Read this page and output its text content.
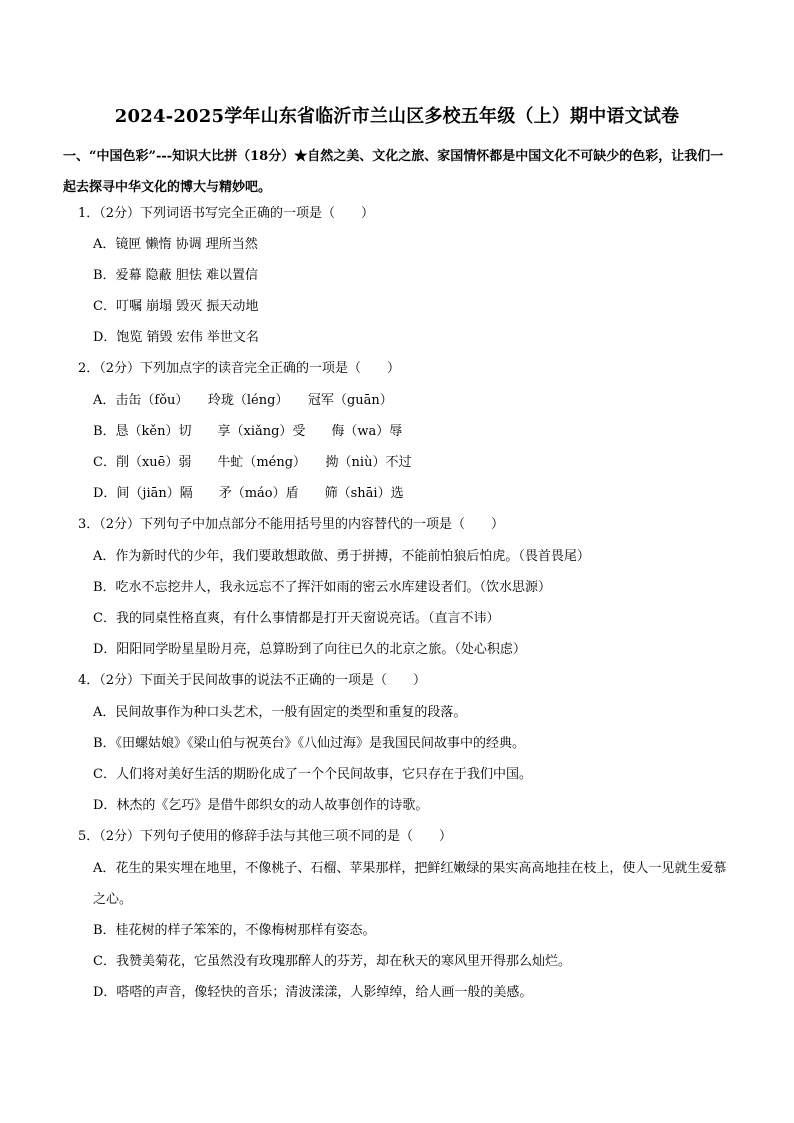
2024-2025学年山东省临沂市兰山区多校五年级（上）期中语文试卷
一、“中国色彩”---知识大比拼（18分）★自然之美、文化之旅、家国情怀都是中国文化不可缺少的色彩，让我们一起去探寻中华文化的博大与精妙吧。
1．（2分）下列词语书写完全正确的一项是（　　）
A．镜匣 懒惰 协调 理所当然
B．爱幕 隐蔽 胆怯 难以置信
C．叮嘱 崩塌 毁灭 振天动地
D．饱览 销毁 宏伟 举世文名
2．（2分）下列加点字的读音完全正确的一项是（　　）
A．击缶（fǒu）　　玲珑（léng）　　冠军（guān）
B．恳（kěn）切　　享（xiǎng）受　　侮（wa）辱
C．削（xuē）弱　　牛虻（méng）　　拗（niù）不过
D．间（jiān）隔　　矛（máo）盾　　筛（shāi）选
3．（2分）下列句子中加点部分不能用括号里的内容替代的一项是（　　）
A．作为新时代的少年，我们要敢想敢做、勇于拼搏，不能前怕狼后怕虎。（畏首畏尾）
B．吃水不忘挖井人，我永远忘不了挥汗如雨的密云水库建设者们。（饮水思源）
C．我的同桌性格直爽，有什么事情都是打开天窗说亮话。（直言不讳）
D．阳阳同学盼星星盼月亮，总算盼到了向往已久的北京之旅。（处心积虑）
4．（2分）下面关于民间故事的说法不正确的一项是（　　）
A．民间故事作为种口头艺术，一般有固定的类型和重复的段落。
B．《田螺姑娘》《梁山伯与祝英台》《八仙过海》是我国民间故事中的经典。
C．人们将对美好生活的期盼化成了一个个民间故事，它只存在于我们中国。
D．林杰的《乞巧》是借牛郎织女的动人故事创作的诗歌。
5．（2分）下列句子使用的修辞手法与其他三项不同的是（　　）
A．花生的果实埋在地里，不像桃子、石榴、苹果那样，把鲜红嫩绿的果实高高地挂在枝上，使人一见就生爱慕之心。
B．桂花树的样子笨笨的，不像梅树那样有姿态。
C．我赞美菊花，它虽然没有玫瑰那醉人的芬芳，却在秋天的寒风里开得那么灿烂。
D．嗒嗒的声音，像轻快的音乐；清波漾漾，人影绰绰，给人画一般的美感。
